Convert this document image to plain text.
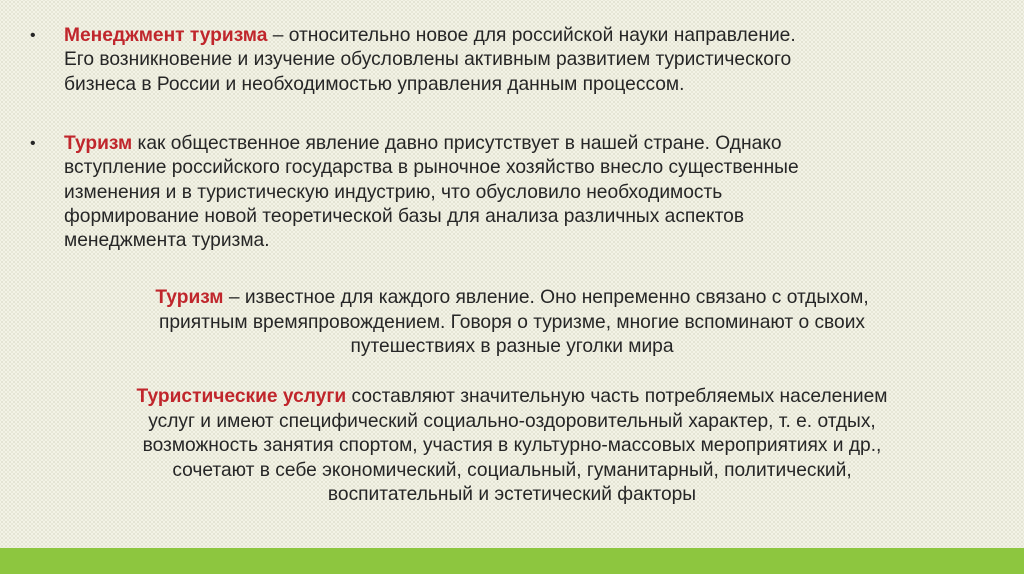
•	Менеджмент туризма – относительно новое для российской науки направление.
Его возникновение и изучение обусловлены активным развитием туристического
бизнеса в России и необходимостью управления данным процессом.
•	Туризм как общественное явление давно присутствует в нашей стране. Однако
вступление российского государства в рыночное хозяйство внесло существенные
изменения и в туристическую индустрию, что обусловило необходимость
формирование новой теоретической базы для анализа различных аспектов
менеджмента туризма.
Туризм – известное для каждого явление. Оно непременно связано с отдыхом,
приятным времяпровождением. Говоря о туризме, многие вспоминают о своих
путешествиях в разные уголки мира
Туристические услуги составляют значительную часть потребляемых населением
услуг и имеют специфический социально-оздоровительный характер, т. е. отдых,
возможность занятия спортом, участия в культурно-массовых мероприятиях и др.,
сочетают в себе экономический, социальный, гуманитарный, политический,
воспитательный и эстетический факторы
